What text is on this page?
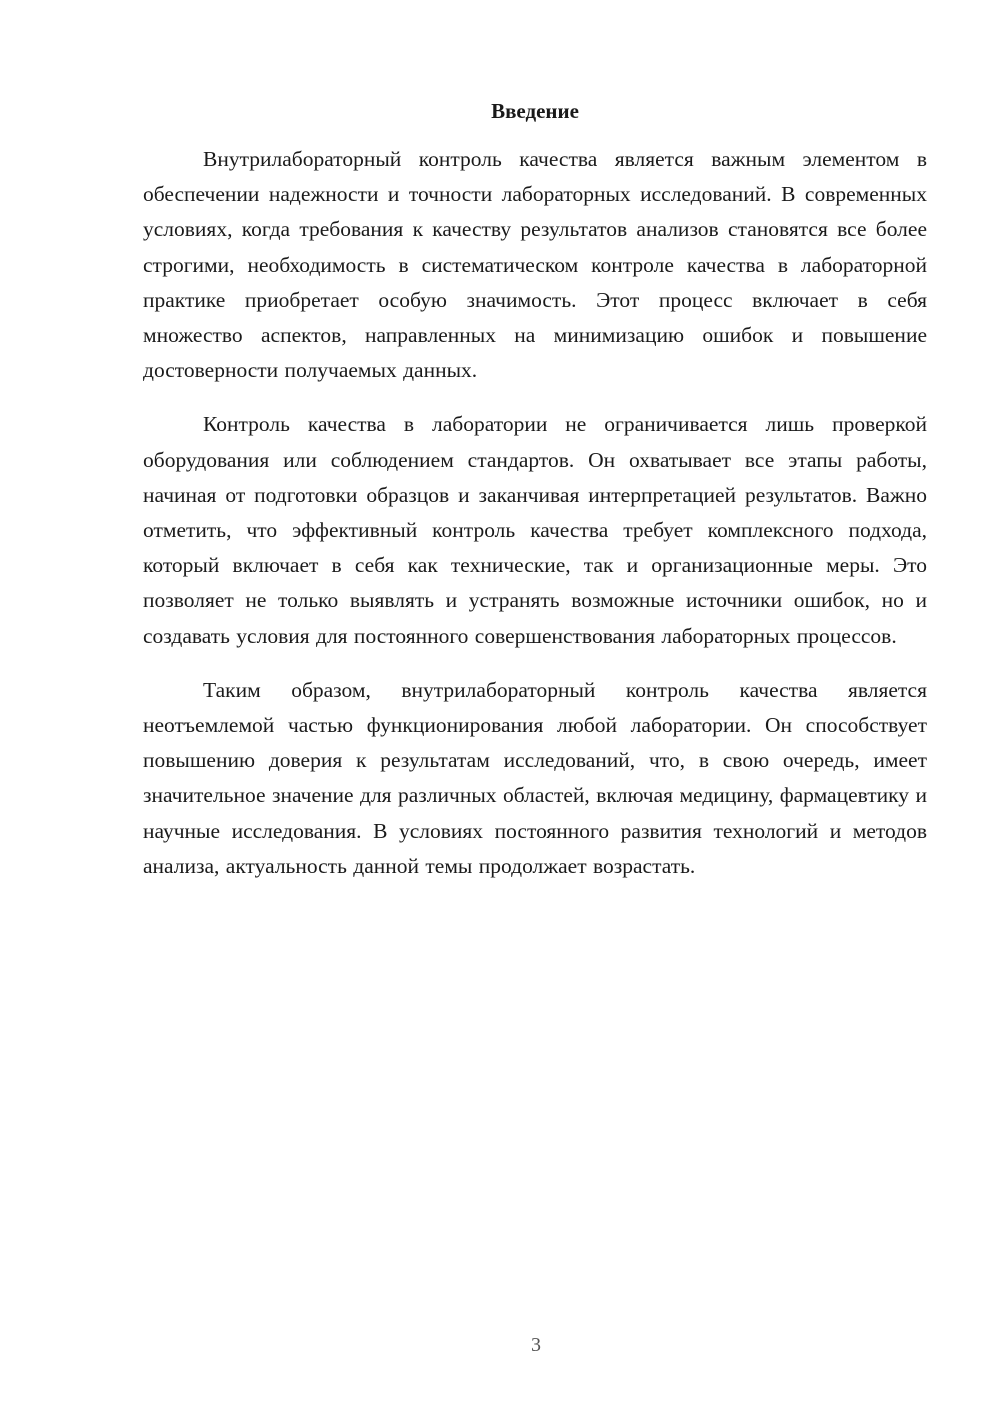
Введение

Внутрилабораторный контроль качества является важным элементом в обеспечении надежности и точности лабораторных исследований. В современных условиях, когда требования к качеству результатов анализов становятся все более строгими, необходимость в систематическом контроле качества в лабораторной практике приобретает особую значимость. Этот процесс включает в себя множество аспектов, направленных на минимизацию ошибок и повышение достоверности получаемых данных.

Контроль качества в лаборатории не ограничивается лишь проверкой оборудования или соблюдением стандартов. Он охватывает все этапы работы, начиная от подготовки образцов и заканчивая интерпретацией результатов. Важно отметить, что эффективный контроль качества требует комплексного подхода, который включает в себя как технические, так и организационные меры. Это позволяет не только выявлять и устранять возможные источники ошибок, но и создавать условия для постоянного совершенствования лабораторных процессов.

Таким образом, внутрилабораторный контроль качества является неотъемлемой частью функционирования любой лаборатории. Он способствует повышению доверия к результатам исследований, что, в свою очередь, имеет значительное значение для различных областей, включая медицину, фармацевтику и научные исследования. В условиях постоянного развития технологий и методов анализа, актуальность данной темы продолжает возрастать.

3
